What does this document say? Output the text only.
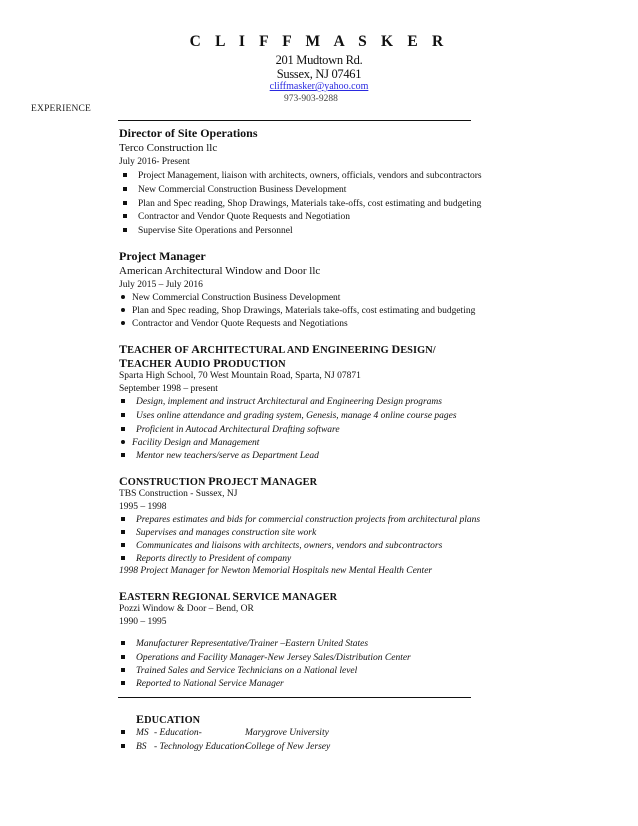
C L I F F M A S K E R
201 Mudtown Rd.
Sussex, NJ 07461
cliffmasker@yahoo.com
973-903-9288
EXPERIENCE
Director of Site Operations
Terco Construction llc
July 2016- Present
Project Management, liaison with architects, owners, officials, vendors and subcontractors
New Commercial Construction Business Development
Plan and Spec reading, Shop Drawings, Materials take-offs, cost estimating and budgeting
Contractor and Vendor Quote Requests and Negotiation
Supervise Site Operations and Personnel
Project Manager
American Architectural Window and Door llc
July 2015 – July 2016
New Commercial Construction Business Development
Plan and Spec reading, Shop Drawings, Materials take-offs, cost estimating and budgeting
Contractor and Vendor Quote Requests and Negotiations
TEACHER OF ARCHITECTURAL AND ENGINEERING DESIGN/
TEACHER AUDIO PRODUCTION
Sparta High School, 70 West Mountain Road, Sparta, NJ 07871
September 1998 – present
Design, implement and instruct Architectural and Engineering Design programs
Uses online attendance and grading system, Genesis, manage 4 online course pages
Proficient in Autocad Architectural Drafting software
Facility Design and Management
Mentor new teachers/serve as Department Lead
CONSTRUCTION PROJECT MANAGER
TBS Construction - Sussex, NJ
1995 – 1998
Prepares estimates and bids for commercial construction projects from architectural plans
Supervises and manages construction site work
Communicates and liaisons with architects, owners, vendors and subcontractors
Reports directly to President of company
1998 Project Manager for Newton Memorial Hospitals new Mental Health Center
EASTERN REGIONAL SERVICE MANAGER
Pozzi Window & Door – Bend, OR
1990 – 1995
Manufacturer Representative/Trainer –Eastern United States
Operations and Facility Manager-New Jersey Sales/Distribution Center
Trained Sales and Service Technicians on a National level
Reported to National Service Manager
EDUCATION
MS - Education-	Marygrove University
BS - Technology Education-College of New Jersey
